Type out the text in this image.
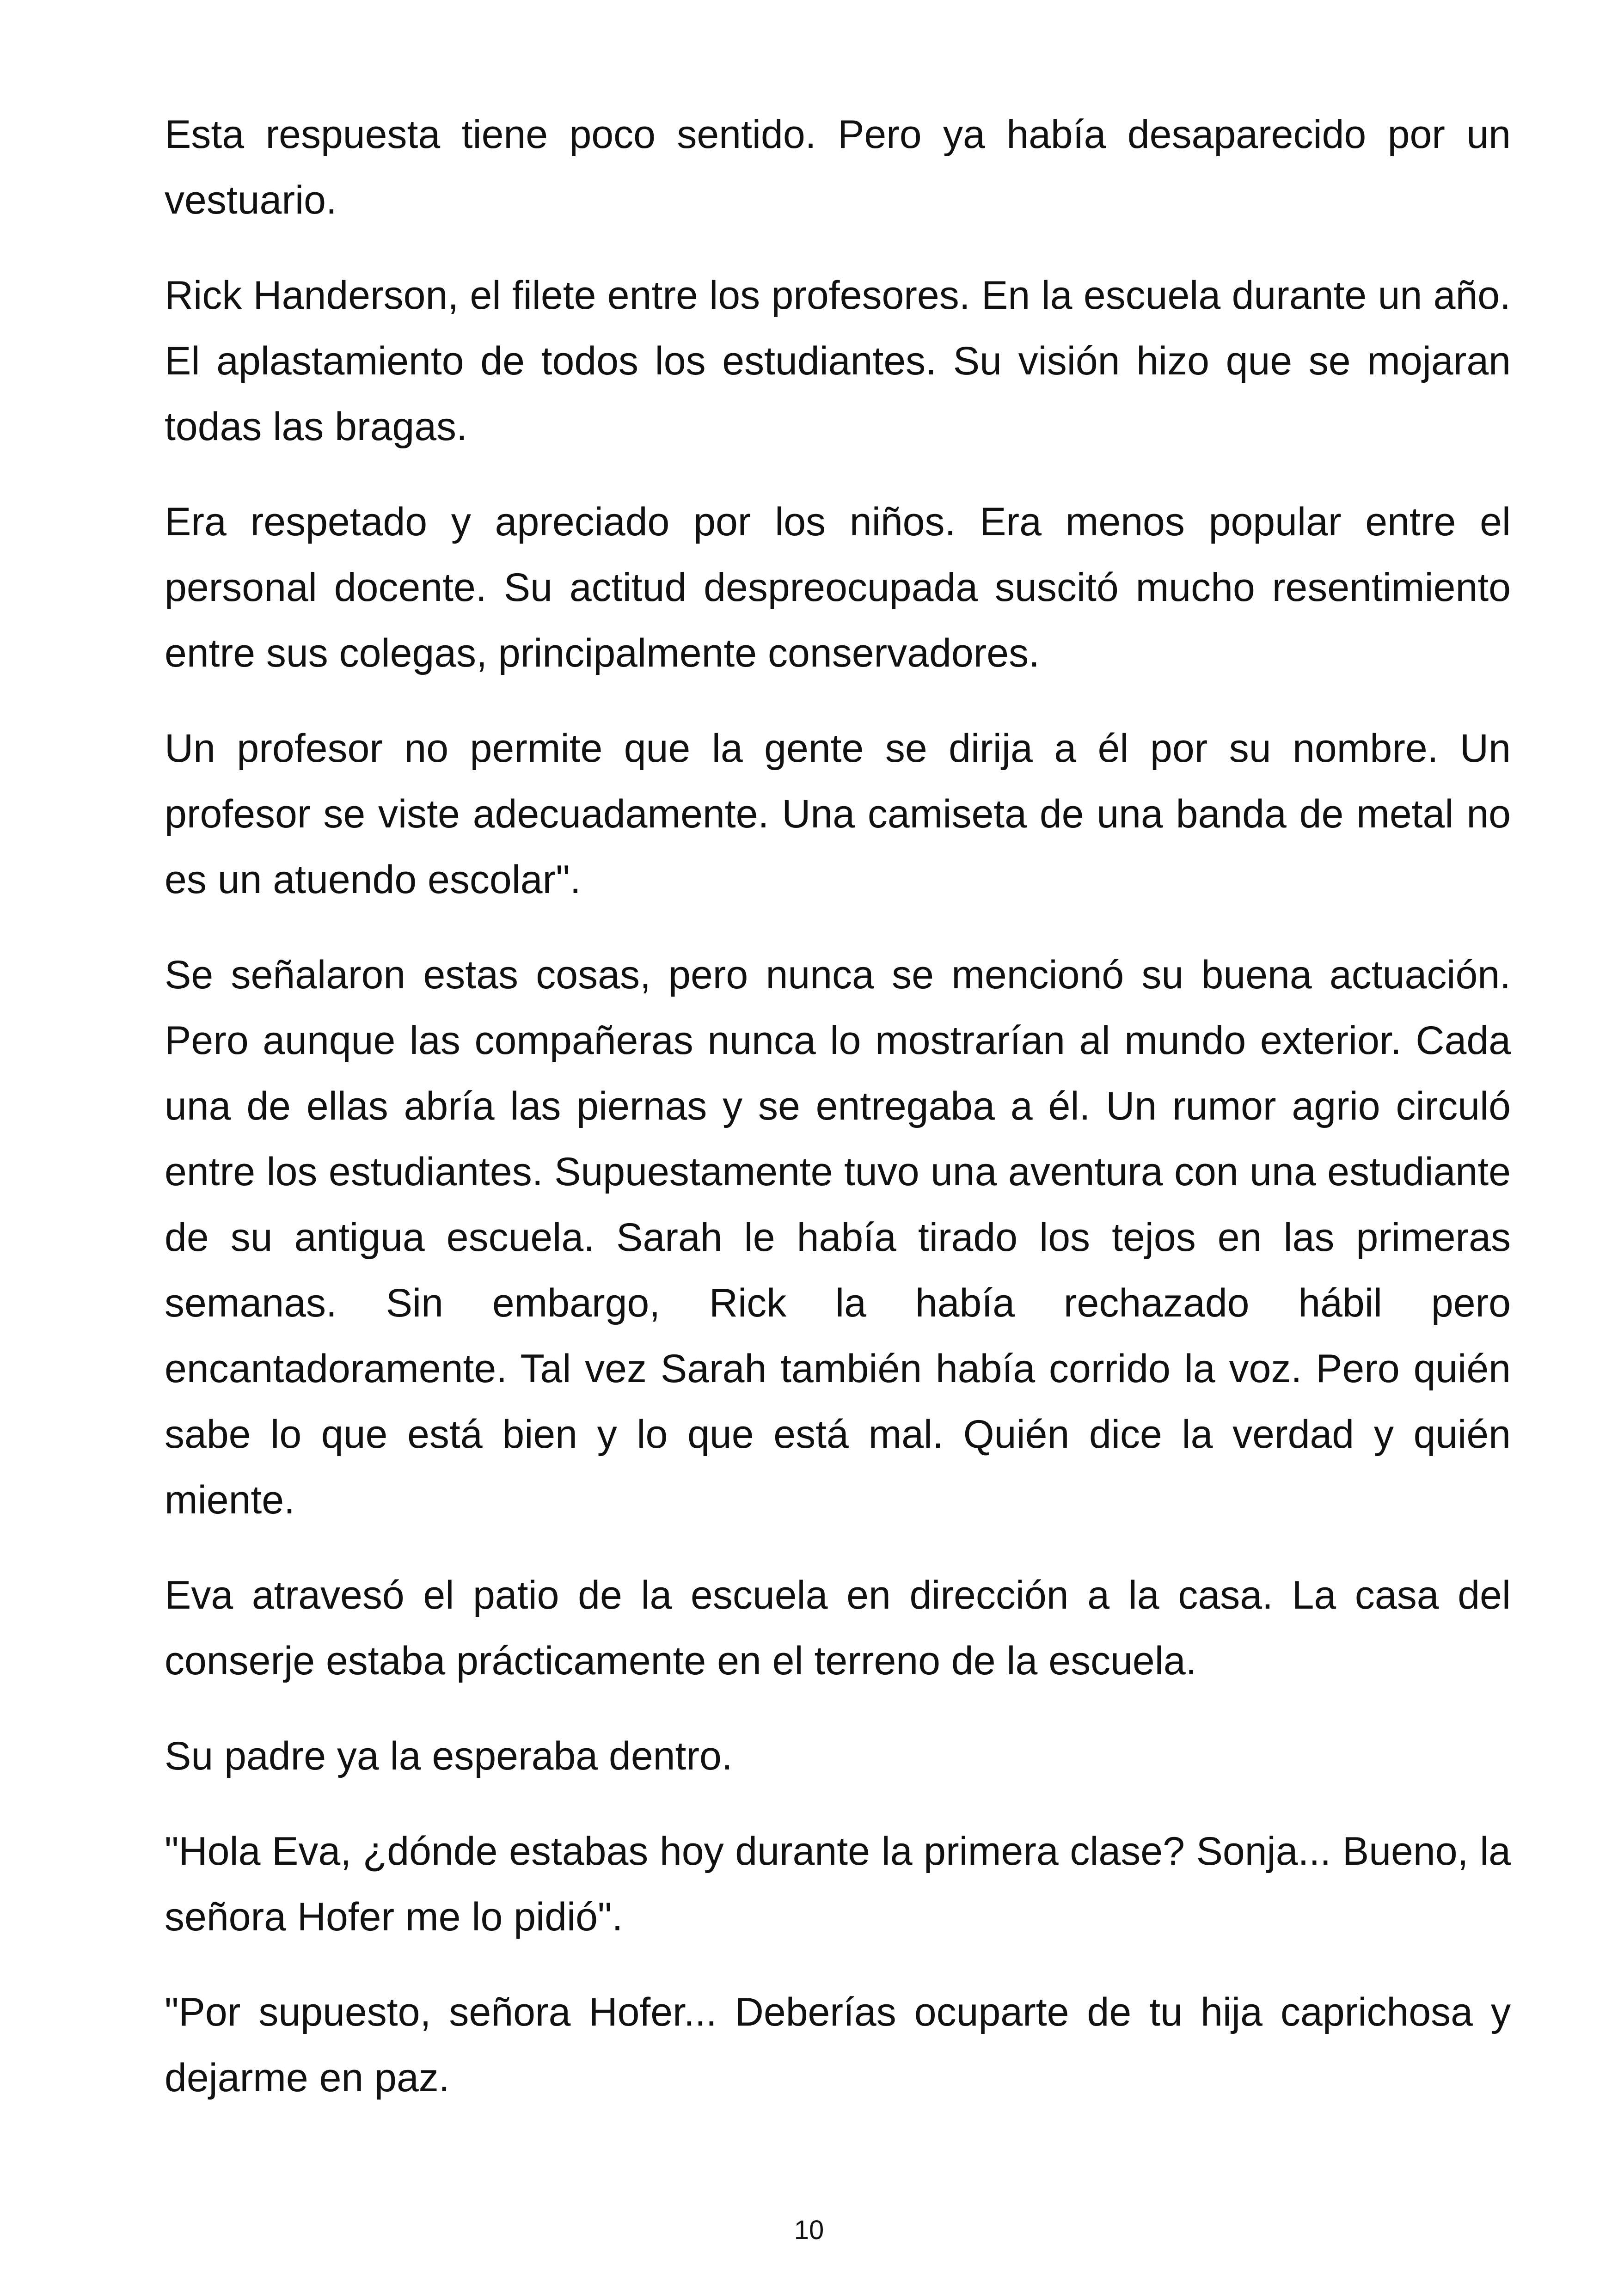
Esta respuesta tiene poco sentido. Pero ya había desaparecido por un vestuario.

Rick Handerson, el filete entre los profesores. En la escuela durante un año. El aplastamiento de todos los estudiantes. Su visión hizo que se mojaran todas las bragas.

Era respetado y apreciado por los niños. Era menos popular entre el personal docente. Su actitud despreocupada suscitó mucho resentimiento entre sus colegas, principalmente conservadores.

Un profesor no permite que la gente se dirija a él por su nombre. Un profesor se viste adecuadamente. Una camiseta de una banda de metal no es un atuendo escolar".

Se señalaron estas cosas, pero nunca se mencionó su buena actuación. Pero aunque las compañeras nunca lo mostrarían al mundo exterior. Cada una de ellas abría las piernas y se entregaba a él. Un rumor agrio circuló entre los estudiantes. Supuestamente tuvo una aventura con una estudiante de su antigua escuela. Sarah le había tirado los tejos en las primeras semanas. Sin embargo, Rick la había rechazado hábil pero encantadoramente. Tal vez Sarah también había corrido la voz. Pero quién sabe lo que está bien y lo que está mal. Quién dice la verdad y quién miente.

Eva atravesó el patio de la escuela en dirección a la casa. La casa del conserje estaba prácticamente en el terreno de la escuela.

Su padre ya la esperaba dentro.

"Hola Eva, ¿dónde estabas hoy durante la primera clase? Sonja... Bueno, la señora Hofer me lo pidió".

"Por supuesto, señora Hofer... Deberías ocuparte de tu hija caprichosa y dejarme en paz.

10
